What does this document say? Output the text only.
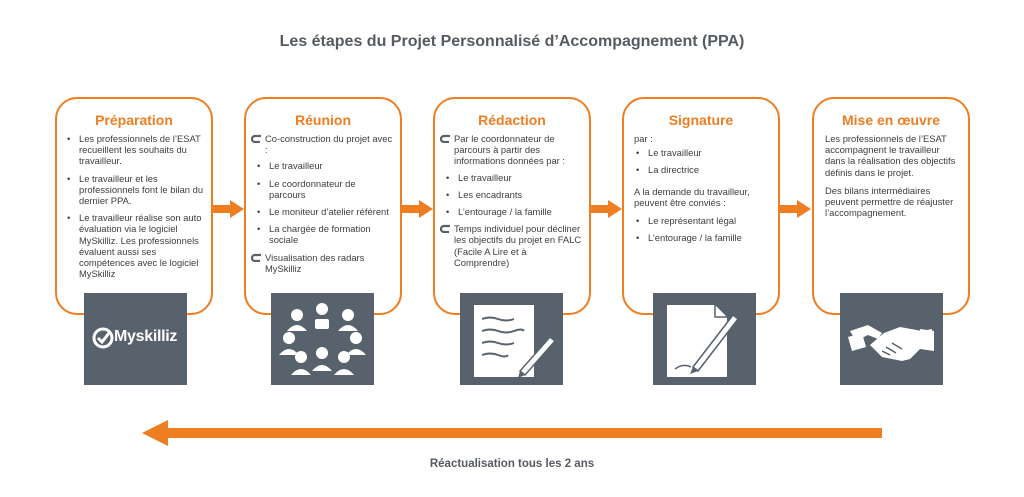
Les étapes du Projet Personnalisé d’Accompagnement (PPA)
Préparation
• Les professionnels de l’ESAT recueillent les souhaits du travailleur.
• Le travailleur et les professionnels font le bilan du dernier PPA.
• Le travailleur réalise son auto évaluation via le logiciel MySkilliz. Les professionnels évaluent aussi ses compétences avec le logiciel MySkilliz
Myskilliz
Réunion
Co-construction du projet avec :
• Le travailleur
• Le coordonnateur de parcours
• Le moniteur d’atelier référent
• La chargée de formation sociale
Visualisation des radars MySkilliz
Rédaction
Par le coordonnateur de parcours à partir des informations données par :
• Le travailleur
• Les encadrants
• L’entourage / la famille
Temps individuel pour décliner les objectifs du projet en FALC (Facile A Lire et à Comprendre)
Signature

par :

• Le travailleur
• La directrice

A la demande du travailleur, peuvent être conviés :

• Le représentant légal
• L’entourage / la famille
Mise en œuvre

Les professionnels de l’ESAT accompagnent le travailleur dans la réalisation des objectifs définis dans le projet.

Des bilans intermédiaires peuvent permettre de réajuster l’accompagnement.

Réactualisation tous les 2 ans
